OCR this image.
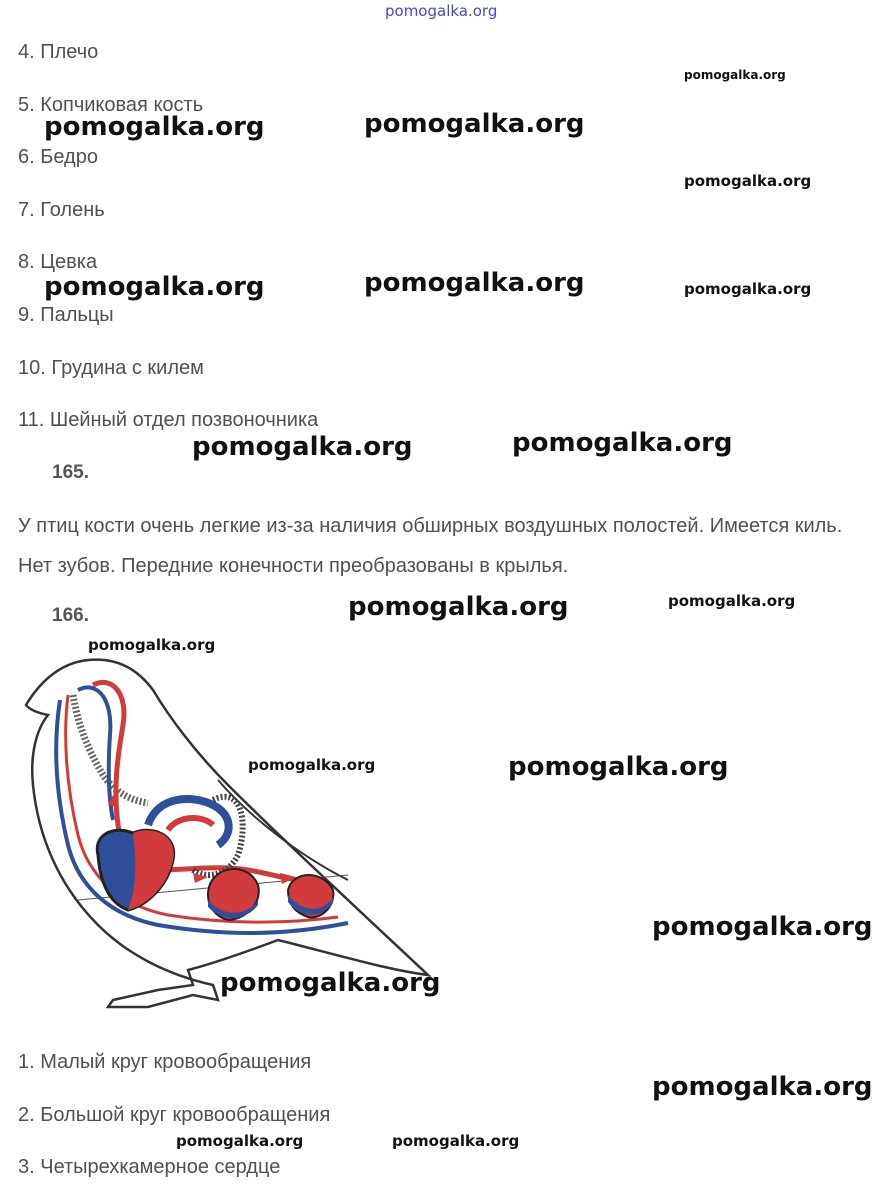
pomogalka.org
4. Плечо
5. Копчиковая кость
6. Бедро
7. Голень
8. Цевка
9. Пальцы
10. Грудина с килем
11. Шейный отдел позвоночника
165.
У птиц кости очень легкие из-за наличия обширных воздушных полостей. Имеется киль. Нет зубов. Передние конечности преобразованы в крылья.
166.
1. Малый круг кровообращения
2. Большой круг кровообращения
3. Четырехкамерное сердце
pomogalka.org
pomogalka.org	pomogalka.org
pomogalka.org
pomogalka.org	pomogalka.org	pomogalka.org
pomogalka.org	pomogalka.org
pomogalka.org	pomogalka.org
pomogalka.org
pomogalka.org	pomogalka.org
pomogalka.org
pomogalka.org
pomogalka.org
pomogalka.org	pomogalka.org
